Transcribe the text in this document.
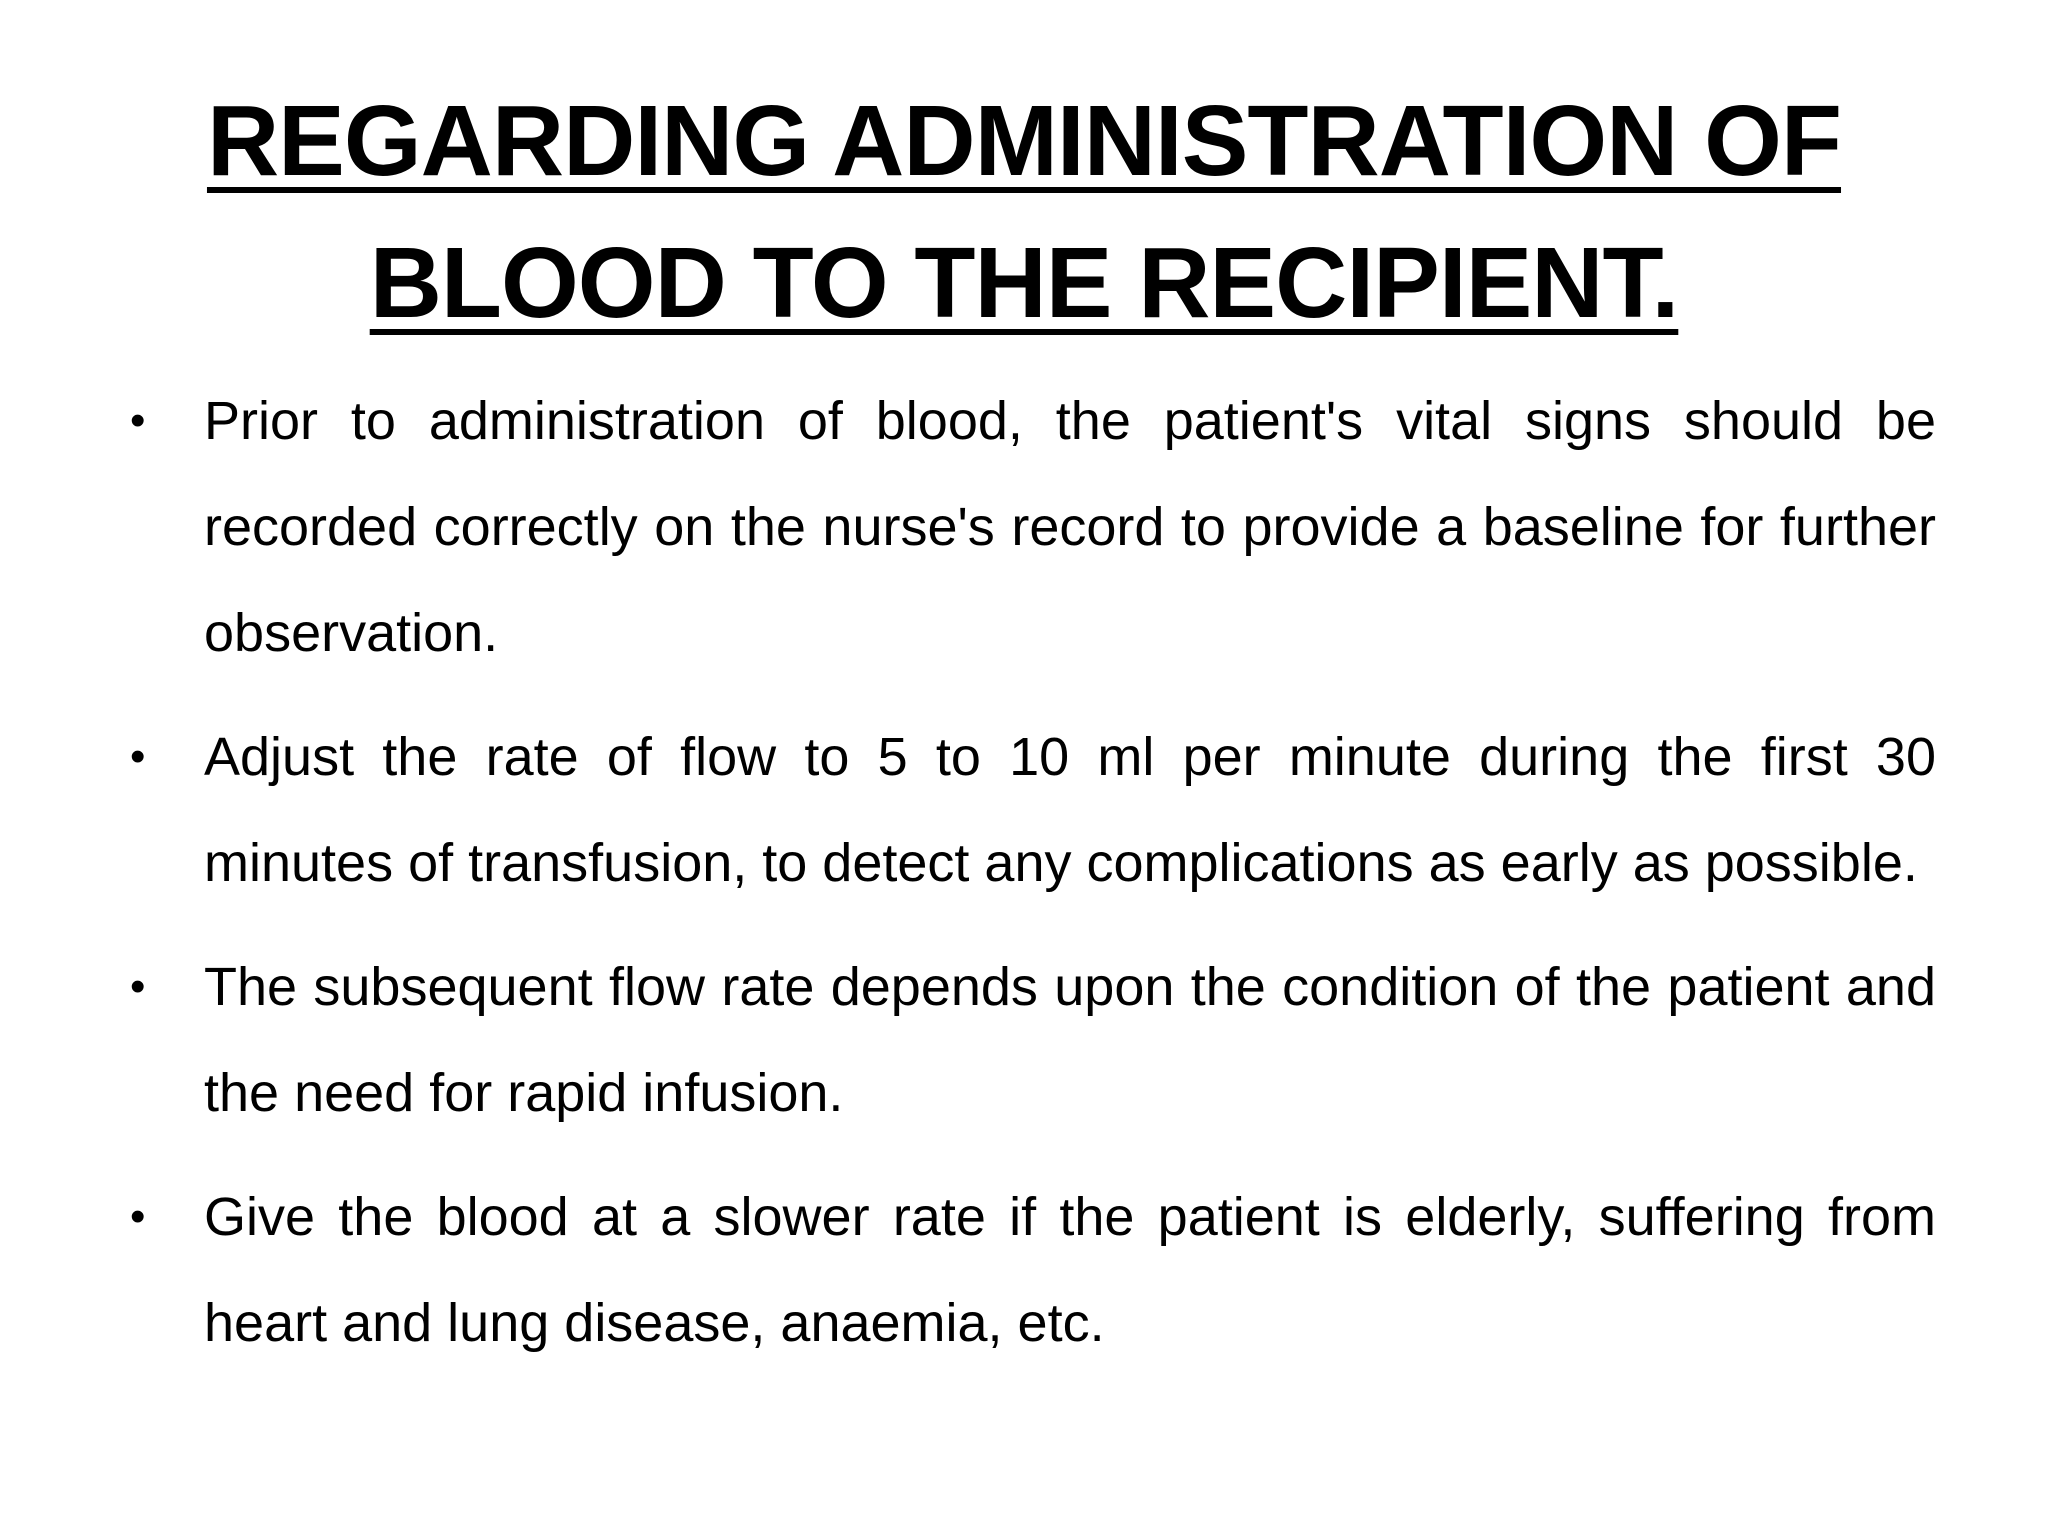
REGARDING ADMINISTRATION OF
BLOOD TO THE RECIPIENT.
• Prior to administration of blood, the patient's vital signs should be recorded correctly on the nurse's record to provide a baseline for further observation.
• Adjust the rate of flow to 5 to 10 ml per minute during the first 30 minutes of transfusion, to detect any complications as early as possible.
• The subsequent flow rate depends upon the condition of the patient and the need for rapid infusion.
• Give the blood at a slower rate if the patient is elderly, suffering from heart and lung disease, anaemia, etc.
